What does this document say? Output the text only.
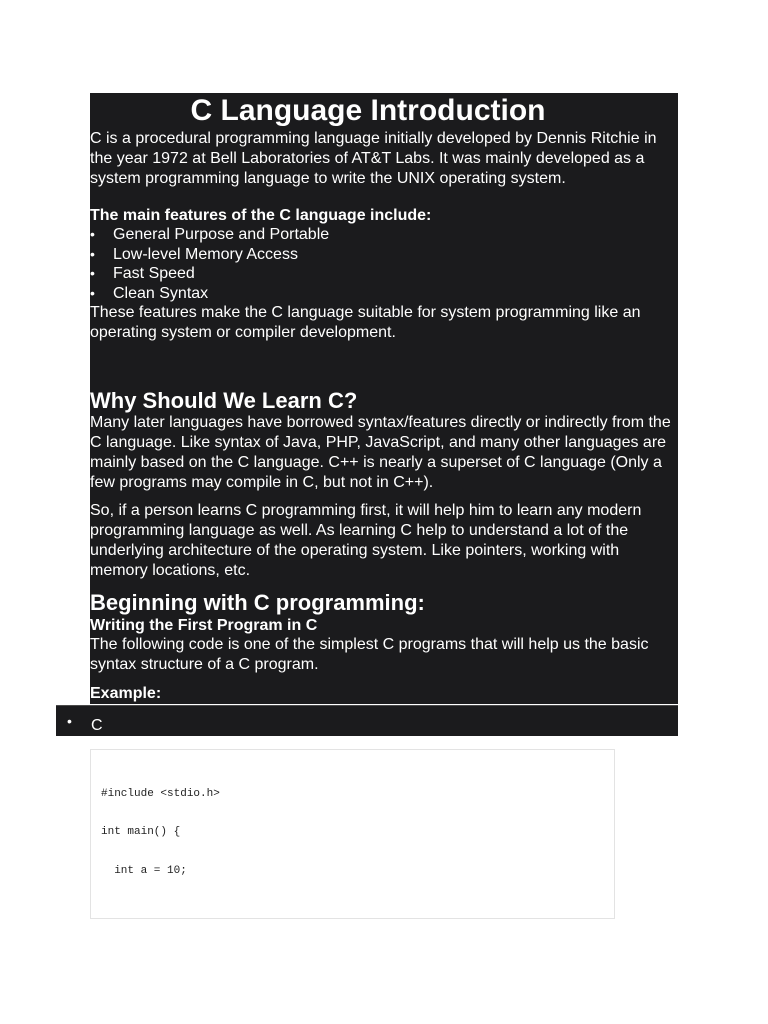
C Language Introduction

C is a procedural programming language initially developed by Dennis Ritchie in the year 1972 at Bell Laboratories of AT&T Labs. It was mainly developed as a system programming language to write the UNIX operating system.

The main features of the C language include:

• General Purpose and Portable
• Low-level Memory Access
• Fast Speed
• Clean Syntax

These features make the C language suitable for system programming like an operating system or compiler development.

Why Should We Learn C?

Many later languages have borrowed syntax/features directly or indirectly from the C language. Like syntax of Java, PHP, JavaScript, and many other languages are mainly based on the C language. C++ is nearly a superset of C language (Only a few programs may compile in C, but not in C++).

So, if a person learns C programming first, it will help him to learn any modern programming language as well. As learning C help to understand a lot of the underlying architecture of the operating system. Like pointers, working with memory locations, etc.

Beginning with C programming:

Writing the First Program in C

The following code is one of the simplest C programs that will help us the basic syntax structure of a C program.

Example:

• C
#include <stdio.h>
int main() {
int a = 10;
